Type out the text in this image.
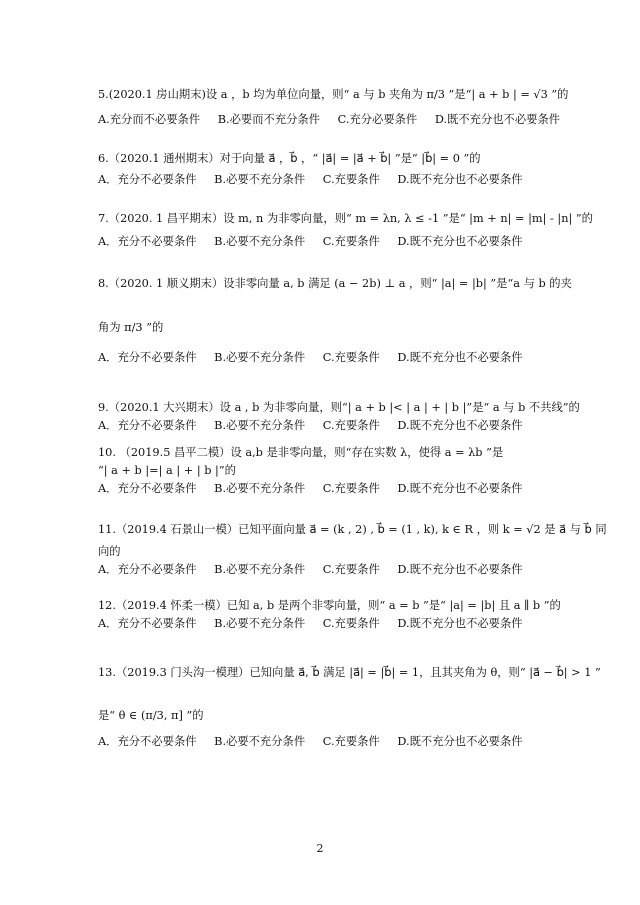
5.(2020.1 房山期末)设 a ，b 均为单位向量，则“ a 与 b 夹角为 π/3 ”是“| a + b | = √3 ”的
A.充分而不必要条件 B.必要而不充分条件 C.充分必要条件 D.既不充分也不必要条件
6.（2020.1 通州期末）对于向量 a⃗ ，b⃗ ，“ |a⃗| = |a⃗ + b⃗| ”是“ |b⃗| = 0 ”的
A．充分不必要条件 B.必要不充分条件 C.充要条件 D.既不充分也不必要条件
7.（2020. 1 昌平期末）设 m, n 为非零向量，则“ m = λn, λ ≤ -1 ”是“ |m + n| = |m| - |n| ”的
A．充分不必要条件 B.必要不充分条件 C.充要条件 D.既不充分也不必要条件
8.（2020. 1 顺义期末）设非零向量 a, b 满足 (a − 2b) ⊥ a ，则“ |a| = |b| ”是“a 与 b 的夹
角为 π/3 ”的
A．充分不必要条件 B.必要不充分条件 C.充要条件 D.既不充分也不必要条件
9.（2020.1 大兴期末）设 a , b 为非零向量，则“| a + b |< | a | + | b |”是“ a 与 b 不共线”的
A．充分不必要条件 B.必要不充分条件 C.充要条件 D.既不充分也不必要条件
10. （2019.5 昌平二模）设 a,b 是非零向量，则“存在实数 λ，使得 a = λb ”是
“| a + b |=| a | + | b |”的
A．充分不必要条件 B.必要不充分条件 C.充要条件 D.既不充分也不必要条件
11.（2019.4 石景山一模）已知平面向量 a⃗ = (k , 2) , b⃗ = (1 , k), k ∈ R ，则 k = √2 是 a⃗ 与 b⃗ 同
向的
A．充分不必要条件 B.必要不充分条件 C.充要条件 D.既不充分也不必要条件
12.（2019.4 怀柔一模）已知 a, b 是两个非零向量，则“ a = b ”是“ |a| = |b| 且 a ∥ b ”的
A．充分不必要条件 B.必要不充分条件 C.充要条件 D.既不充分也不必要条件
13.（2019.3 门头沟一模理）已知向量 a⃗, b⃗ 满足 |a⃗| = |b⃗| = 1，且其夹角为 θ，则“ |a⃗ − b⃗| > 1 ”
是“ θ ∈ (π/3, π] ”的
A．充分不必要条件 B.必要不充分条件 C.充要条件 D.既不充分也不必要条件
2
